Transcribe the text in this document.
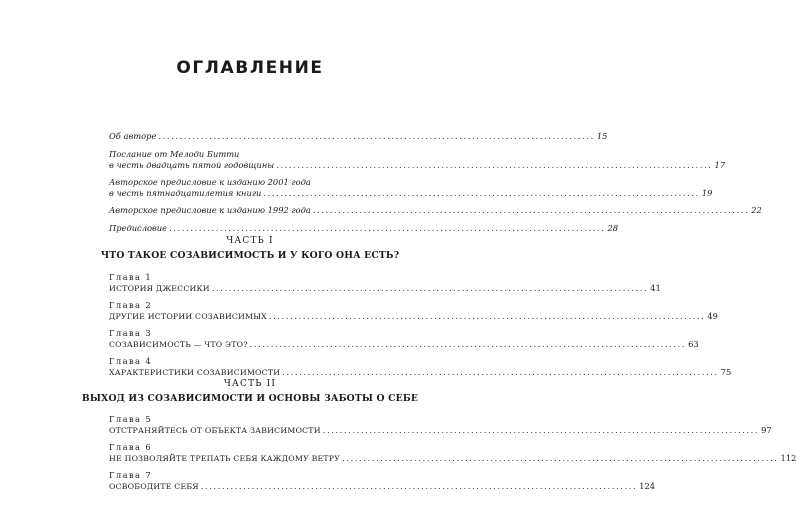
ОГЛАВЛЕНИЕ
Об авторе ....................................................................................................... 15
Послание от Мелоди Битти
в честь двадцать пятой годовщины ....................................................................................................... 17
Авторское предисловие к изданию 2001 года
в честь пятнадцатилетия книги ....................................................................................................... 19
Авторское предисловие к изданию 1992 года ....................................................................................................... 22
Предисловие ....................................................................................................... 28
ЧАСТЬ I
ЧТО ТАКОЕ СОЗАВИСИМОСТЬ И У КОГО ОНА ЕСТЬ?
Глава 1
ИСТОРИЯ ДЖЕССИКИ ....................................................................................................... 41
Глава 2
ДРУГИЕ ИСТОРИИ СОЗАВИСИМЫХ ....................................................................................................... 49
Глава 3
СОЗАВИСИМОСТЬ — ЧТО ЭТО? ....................................................................................................... 63
Глава 4
ХАРАКТЕРИСТИКИ СОЗАВИСИМОСТИ ....................................................................................................... 75
ЧАСТЬ II
ВЫХОД ИЗ СОЗАВИСИМОСТИ И ОСНОВЫ ЗАБОТЫ О СЕБЕ
Глава 5
ОТСТРАНЯЙТЕСЬ ОТ ОБЪЕКТА ЗАВИСИМОСТИ ....................................................................................................... 97
Глава 6
НЕ ПОЗВОЛЯЙТЕ ТРЕПАТЬ СЕБЯ КАЖДОМУ ВЕТРУ ....................................................................................................... 112
Глава 7
ОСВОБОДИТЕ СЕБЯ ....................................................................................................... 124
